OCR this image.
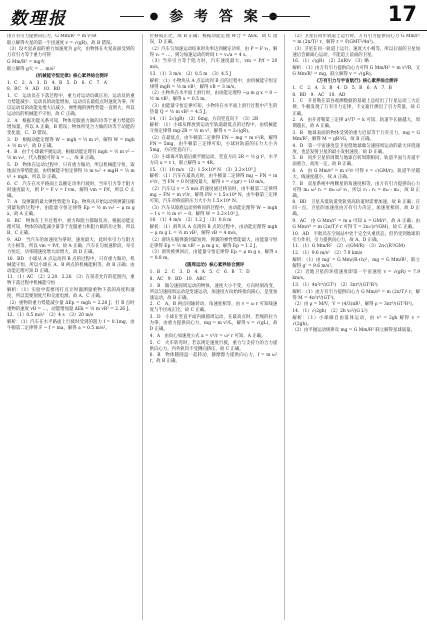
数理报	● 参 考 答 案 ●	17

由万有引力提供向心力，G Mm/R² = m v²/R

联立解得火星的第一宇宙速度 v = √(gR)，故 B 错误。

（3）设火星表面的重力加速度为 g火，由物体在火星表面受到的万有引力等于重力可得

G Mm/R² = mg火

联立解得 g火 = … m/s²

《机械能守恒定律》核心素养综合测评

1．C　2．A　3．D　4．B　5．D　6．C　7．A

8．BC　9．AD　10．BD

1．C　运动员在下落过程中，重力对运动员做正功，运动员的重力势能减少；运动员的动能增加，运动员在最低点时速度为零，所以运动员的动能先增大后减小，弹性绳的弹性势能一直增大，所以运动员的机械能不守恒，故 C 正确。

2．A　根据功能关系可知，物体克服重力做的功等于重力势能的增加量，所以 A 正确，B 错误；物体所受合力做的功等于动能的变化量，C、D 错误。

3．D　根据动能定理得 W − mgh = ½ m v²，解得 W = mgh + ½ m v²，故 D 正确。

4．B　由于小球做平抛运动，根据动能定理有 mgh = ½ m v² − ½ m v₀²，代入数据可得 h = …，故 B 正确。

5．D　物体在运动过程中，只有重力做功，所以机械能守恒，取地面为零势能面，由机械能守恒定律得 ½ m v₀² + mgH = ½ m v² + mgh，所以 D 正确。

6．C　汽车在水平路面上以额定功率行驶时，当牵引力等于阻力时速度最大，则 P = F v = f vm，解得 vm = P/f，所以 C 正确。

7．A　设弹簧的最大弹性势能为 Ep，物块从开始运动到弹簧压缩到最短的过程中，由能量守恒定律得 Ep = ½ m v₀² − μ m g x，故 A 正确。

8．BC　物体在上升过程中，重力和阻力都做负功，根据动能定理可知，物体的动能减少量等于克服重力和阻力做的功之和，所以 B、C 正确。

9．AD　当汽车的加速度为零时，速度最大，此时牵引力与阻力大小相等，所以 vm = P/f，故 A 正确；汽车在匀加速阶段，牵引力恒定，功率随速度增大而增大，故 D 正确。

10．BD　小球从 A 点运动到 B 点的过程中，只有重力做功，机械能守恒，所以小球在 A、B 两点的机械能相等，故 B 正确；由动能定理可知 D 正确。

11．（1）AC　（2）2.28　2.26　（3）在误差允许的范围内，重物下落过程中机械能守恒

解析：（1）实验中需要用打点计时器测量重物下落的高度和速度，所以需要刻度尺和交流电源，故 A、C 正确。

（2）重物的重力势能减少量 ΔEp = mgh = 2.28 J；打 B 点时重物的速度 vB = …，动能增加量 ΔEk = ½ m vB² = 2.26 J。

12．（1）0.5 m/s²　（2）4 s　（3）20 m/s

解析：（1）汽车在水平路面上行驶时受到的阻力 f = 0.1mg，由牛顿第二定律得 F − f = ma，解得 a = 0.5 m/s²。

位移成正比，故 B 正确；根据动能定理 W合 = ΔEk，故 C 错误，D 正确。

（2）汽车匀加速运动结束时功率达到额定功率，由 P = F v₁，解得 v₁ = …，则匀加速运动的时间 t = v₁/a = 4 s。

（3）当牵引力等于阻力时，汽车速度最大，vm = P/f = 20 m/s。

13．（1）3 m/s　（2）0.5 m　（3）4.5 J

解析：（1）小物块从 A 点运动到 B 点的过程中，由机械能守恒定律得 mgR = ½ m vB²，解得 vB = 3 m/s。

（2）小物块在水平面上滑行时，由动能定理得 −μ m g x = 0 − ½ m vB²，解得 x = 0.5 m。

（3）由能量守恒定律可知，小物块在水平面上滑行过程中产生的热量 Q = ½ m vB² = 4.5 J。

14．（1）2√(gR)　（2）6mg，方向竖直向下　（3）2R

解析：（1）小球从释放到运动至轨道最低点的过程中，由机械能守恒定律得 mg·2R = ½ m v²，解得 v = 2√(gR)。

（2）在最低点，由牛顿第二定律得 FN − mg = m v²/R，解得 FN = 5mg，由牛顿第三定律可知，小球对轨道的压力大小为 5mg，方向竖直向下。

（3）小球离开轨道后做平抛运动，竖直方向 2R = ½ g t²，水平方向 x = v t，联立解得 x = 4R。

15．（1）10 m/s　（2）1.5×10⁴ N　（3）3.2×10⁵ J

解析：（1）汽车在最高点时，由牛顿第二定律得 mg − FN = m v²/r，当 FN = 0 时速度最大，解得 v = √(gr) = 10 m/s。

（2）汽车以 v = 5 m/s 的速度通过桥顶时，由牛顿第二定律得 mg − FN = m v²/r，解得 FN = 1.5×10⁴ N，由牛顿第三定律可知，汽车对桥面的压力大小为 1.5×10⁴ N。

（3）汽车从坡底运动到桥顶的过程中，由动能定理得 W − mgh − f s = ½ m v² − 0，解得 W = 3.2×10⁵ J。

16．（1）4 m/s　（2）1.2 J　（3）0.8 m

解析：（1）滑块从 A 点滑到 B 点的过程中，由动能定理得 mgh − μ m g L = ½ m vB²，解得 vB = 4 m/s。

（2）滑块压缩弹簧到最短时，弹簧的弹性势能最大，由能量守恒定律得 Ep = ½ m vB² − μ m g x，解得 Ep = 1.2 J。

（3）滑块被弹回后，由能量守恒定律得 Ep = μ m g s，解得 s = 0.8 m。

《圆周运动》核心素养综合测评

1．B　2．C　3．D　4．A　5．C　6．B　7．D

8．AC　9．BD　10．ABC

1．B　做匀速圆周运动的物体，速度大小不变，方向时刻改变，所以匀速圆周运动是变速运动，加速度方向始终指向圆心，是变加速运动，故 B 正确。

2．C　A、B 两点同轴转动，角速度相等，由 v = ω r 可知线速度与半径成正比，故 C 正确。

3．D　小球在竖直平面内做圆周运动，在最高点时，若绳的拉力为零，由重力提供向心力，mg = m v²/L，解得 v = √(gL)，故 D 正确。

4．A　由向心加速度公式 a = v²/r = ω² r 可知，A 正确。

5．C　火车转弯时，若以规定速度行驶，重力与支持力的合力提供向心力，内外轨均不受侧向挤压，故 C 正确。

6．B　物体随圆盘一起转动，静摩擦力提供向心力，f = m ω² r，故 B 正确。

（2）卫星在同步轨道上运行时，万有引力提供向心力 G Mm/r² = m (2π/T)² r，解得 r = ∛(GMT²/4π²)。

（3）卫星在同一轨道上运行，速度大小相等，所以后面的卫星加速后会做离心运动，不能追上前面的卫星。

16．（1）√(gR)　（2）2πR/v　（3）略

解析：（1）由万有引力提供向心力可得 G Mm/R² = m v²/R，又 G Mm/R² = mg，联立解得 v = √(gR)。

《万有引力与宇宙航行》核心素养综合测评

1．C　2．A　3．B　4．D　5．B　6．A　7．B

8．BD　9．AC　10．AD

1．C　开普勒在第谷观测数据的基础上总结出了行星运动三大定律，牛顿发现了万有引力定律，卡文迪什测出了引力常量，故 C 正确。

2．A　由开普勒第三定律 a³/T² = k 可知，轨道半长轴越大，周期越长，故 A 正确。

3．B　地球表面的物体受到的重力近似等于万有引力，mg = G Mm/R²，解得 M = gR²/G，故 B 正确。

4．D　第一宇宙速度是卫星绕地球做匀速圆周运动的最大环绕速度，也是发射卫星的最小发射速度，故 D 正确。

5．B　同步卫星的周期与地球自转周期相同，轨道平面与赤道平面重合，高度一定，故 B 正确。

6．A　由 G Mm/r² = m v²/r 可得 v = √(GM/r)，轨道半径越大，线速度越小，故 A 正确。

7．B　双星系统中两颗星的角速度相等，由万有引力提供向心力可得 m₁ ω² r₁ = m₂ ω² r₂，所以 r₁ : r₂ = m₂ : m₁，故 B 正确。

8．BD　卫星从低轨道变轨到高轨道时需要加速，故 B 正确；在同一点，卫星的加速度由万有引力决定，加速度相同，故 D 正确。

9．AC　由 G Mm/r² = m a 可知 a = GM/r²，故 A 正确；由 G Mm/r² = m (2π/T)² r 可得 T = 2π√(r³/GM)，故 C 正确。

10．AD　宇航员在空间站中处于完全失重状态，但仍受到地球的引力作用，引力提供向心力，故 A、D 正确。

11．（1）G Mm/R²　（2）√(GM/R)　（3）2π√(R³/GM)

12．（1）9.6 m/s²　（2）7.9 km/s

解析：（1）由 mg' = G Mm/(R+h)²，mg = G Mm/R²，联立解得 g' = 9.6 m/s²。

（2）近地卫星的环绕速度即第一宇宙速度 v = √(gR) = 7.9 km/s。

13．（1）4π²r³/(GT²)　（2）3πr³/(GT²R³)

解析：（1）由万有引力提供向心力 G Mm/r² = m (2π/T)² r，解得 M = 4π²r³/(GT²)。

（2）由 ρ = M/V，V = (4/3)πR³，解得 ρ = 3πr³/(GT²R³)。

14．（1）√(2gh)　（2）2h v₀²/(G L²)

解析：（1）小球做自由落体运动，由 v² = 2gh 解得 v = √(2gh)。

（2）由平抛运动规律及 mg = G Mm/R² 联立解得星球质量。
